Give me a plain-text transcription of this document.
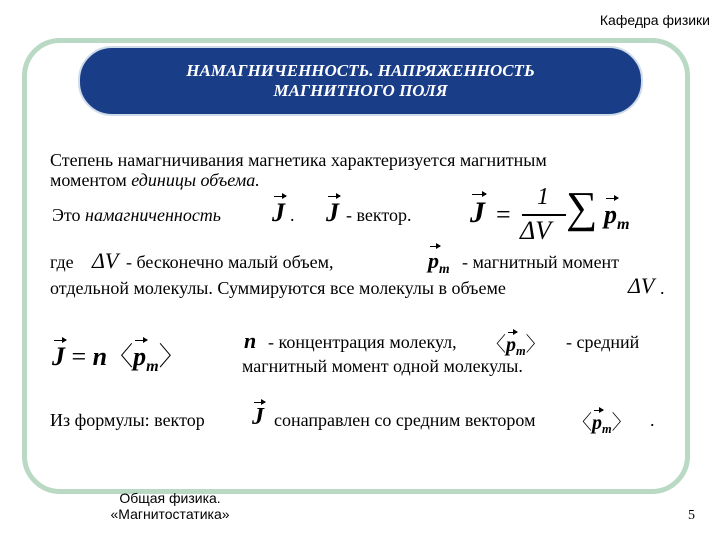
Кафедра физики
НАМАГНИЧЕННОСТЬ. НАПРЯЖЕННОСТЬ
МАГНИТНОГО ПОЛЯ
Степень намагничивания магнетика характеризуется магнитным
моментом единицы объема.
Это намагниченность J . J - вектор. J =
1
ΔV ∑ $p_m$
где ΔV - бесконечно малый объем,	$p_m$ - магнитный момент
отдельной молекулы. Суммируются все молекулы в объеме	ΔV .
J = n〈$p_m$〉
n - концентрация молекул, 〈$p_m$〉 - средний
магнитный момент одной молекулы.
Из формулы: вектор J сонаправлен со средним вектором 〈$p_m$〉 .
Общая физика.
«Магнитостатика»	5
